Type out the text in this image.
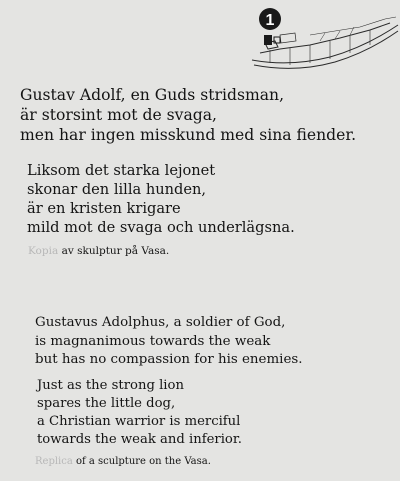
1
Gustav Adolf, en Guds stridsman,
är storsint mot de svaga,
men har ingen misskund med sina fiender.
Liksom det starka lejonet
skonar den lilla hunden,
är en kristen krigare
mild mot de svaga och underlägsna.
Kopia av skulptur på Vasa.
Gustavus Adolphus, a soldier of God,
is magnanimous towards the weak
but has no compassion for his enemies.
Just as the strong lion
spares the little dog,
a Christian warrior is merciful
towards the weak and inferior.
Replica of a sculpture on the Vasa.
